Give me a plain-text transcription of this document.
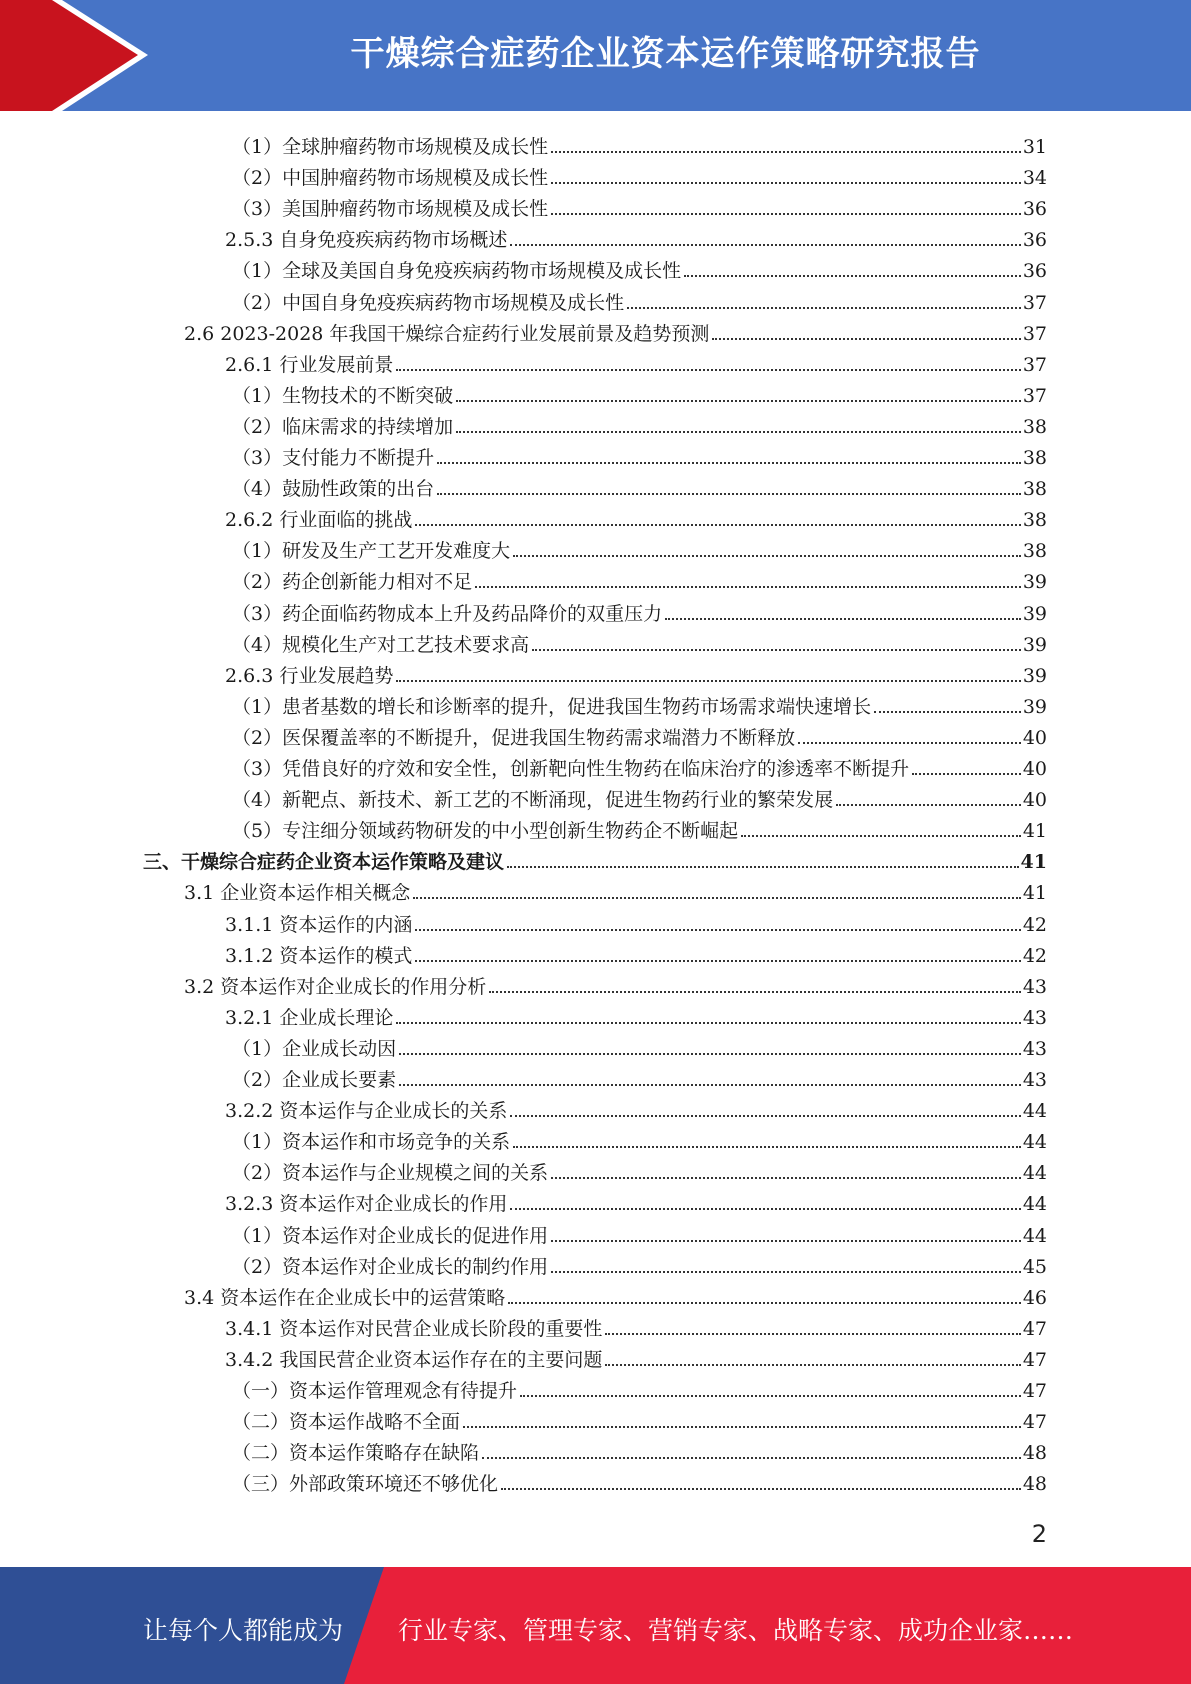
干燥综合症药企业资本运作策略研究报告
（1）全球肿瘤药物市场规模及成长性	31
（2）中国肿瘤药物市场规模及成长性	34
（3）美国肿瘤药物市场规模及成长性	36
2.5.3 自身免疫疾病药物市场概述	36
（1）全球及美国自身免疫疾病药物市场规模及成长性	36
（2）中国自身免疫疾病药物市场规模及成长性	37
2.6 2023-2028 年我国干燥综合症药行业发展前景及趋势预测	37
2.6.1 行业发展前景	37
（1）生物技术的不断突破	37
（2）临床需求的持续增加	38
（3）支付能力不断提升	38
（4）鼓励性政策的出台	38
2.6.2 行业面临的挑战	38
（1）研发及生产工艺开发难度大	38
（2）药企创新能力相对不足	39
（3）药企面临药物成本上升及药品降价的双重压力	39
（4）规模化生产对工艺技术要求高	39
2.6.3 行业发展趋势	39
（1）患者基数的增长和诊断率的提升，促进我国生物药市场需求端快速增长	39
（2）医保覆盖率的不断提升，促进我国生物药需求端潜力不断释放	40
（3）凭借良好的疗效和安全性，创新靶向性生物药在临床治疗的渗透率不断提升	40
（4）新靶点、新技术、新工艺的不断涌现，促进生物药行业的繁荣发展	40
（5）专注细分领域药物研发的中小型创新生物药企不断崛起	41
三、干燥综合症药企业资本运作策略及建议	41
3.1 企业资本运作相关概念	41
3.1.1 资本运作的内涵	42
3.1.2 资本运作的模式	42
3.2 资本运作对企业成长的作用分析	43
3.2.1 企业成长理论	43
（1）企业成长动因	43
（2）企业成长要素	43
3.2.2 资本运作与企业成长的关系	44
（1）资本运作和市场竞争的关系	44
（2）资本运作与企业规模之间的关系	44
3.2.3 资本运作对企业成长的作用	44
（1）资本运作对企业成长的促进作用	44
（2）资本运作对企业成长的制约作用	45
3.4 资本运作在企业成长中的运营策略	46
3.4.1 资本运作对民营企业成长阶段的重要性	47
3.4.2 我国民营企业资本运作存在的主要问题	47
（一）资本运作管理观念有待提升	47
（二）资本运作战略不全面	47
（二）资本运作策略存在缺陷	48
（三）外部政策环境还不够优化	48
2
让每个人都能成为 行业专家、管理专家、营销专家、战略专家、成功企业家……
